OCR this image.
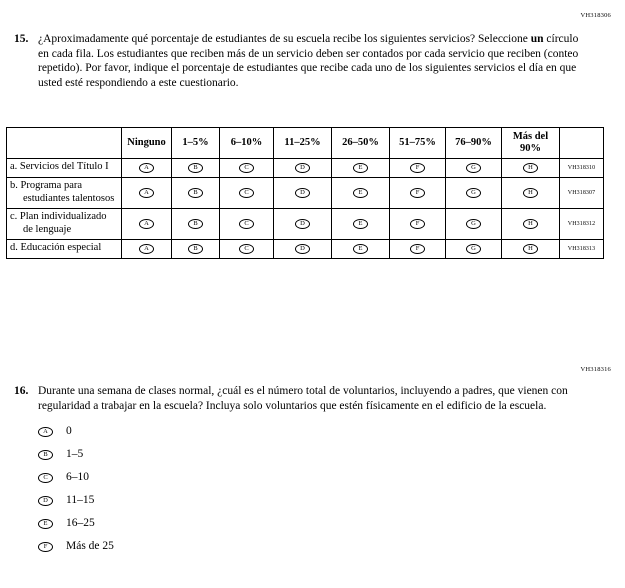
VH318306
15. ¿Aproximadamente qué porcentaje de estudiantes de su escuela recibe los siguientes servicios? Seleccione un círculo en cada fila. Los estudiantes que reciben más de un servicio deben ser contados por cada servicio que reciben (conteo repetido). Por favor, indique el porcentaje de estudiantes que recibe cada uno de los siguientes servicios el día en que usted esté respondiendo a este cuestionario.
	Ninguno	1–5%	6–10%	11–25%	26–50%	51–75%	76–90%	Más del 90%	
a. Servicios del Título I	A	B	C	D	E	F	G	H	VH318310
b. Programa para estudiantes talentosos	A	B	C	D	E	F	G	H	VH318307
c. Plan individualizado de lenguaje	A	B	C	D	E	F	G	H	VH318312
d. Educación especial	A	B	C	D	E	F	G	H	VH318313
VH318316
16. Durante una semana de clases normal, ¿cuál es el número total de voluntarios, incluyendo a padres, que vienen con regularidad a trabajar en la escuela? Incluya solo voluntarios que estén físicamente en el edificio de la escuela.
A	0
B	1–5
C	6–10
D	11–15
E	16–25
F	Más de 25
